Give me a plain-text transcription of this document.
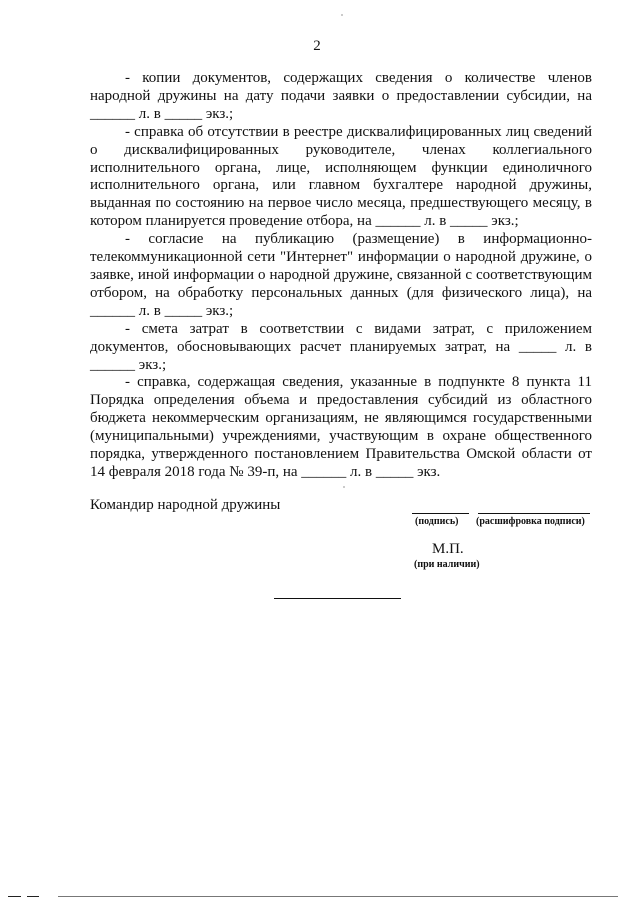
2

- копии документов, содержащих сведения о количестве членов народной дружины на дату подачи заявки о предоставлении субсидии, на ______ л. в _____ экз.;

- справка об отсутствии в реестре дисквалифицированных лиц сведений о дисквалифицированных руководителе, членах коллегиального исполнительного органа, лице, исполняющем функции единоличного исполнительного органа, или главном бухгалтере народной дружины, выданная по состоянию на первое число месяца, предшествующего месяцу, в котором планируется проведение отбора, на ______ л. в _____ экз.;

- согласие на публикацию (размещение) в информационно-телекоммуникационной сети "Интернет" информации о народной дружине, о заявке, иной информации о народной дружине, связанной с соответствующим отбором, на обработку персональных данных (для физического лица), на ______ л. в _____ экз.;

- смета затрат в соответствии с видами затрат, с приложением документов, обосновывающих расчет планируемых затрат, на _____ л. в ______ экз.;

- справка, содержащая сведения, указанные в подпункте 8 пункта 11 Порядка определения объема и предоставления субсидий из областного бюджета некоммерческим организациям, не являющимся государственными (муниципальными) учреждениями, участвующим в охране общественного порядка, утвержденного постановлением Правительства Омской области от 14 февраля 2018 года № 39-п, на ______ л. в _____ экз.

Командир народной дружины
(подпись) (расшифровка подписи)
М.П.
(при наличии)
